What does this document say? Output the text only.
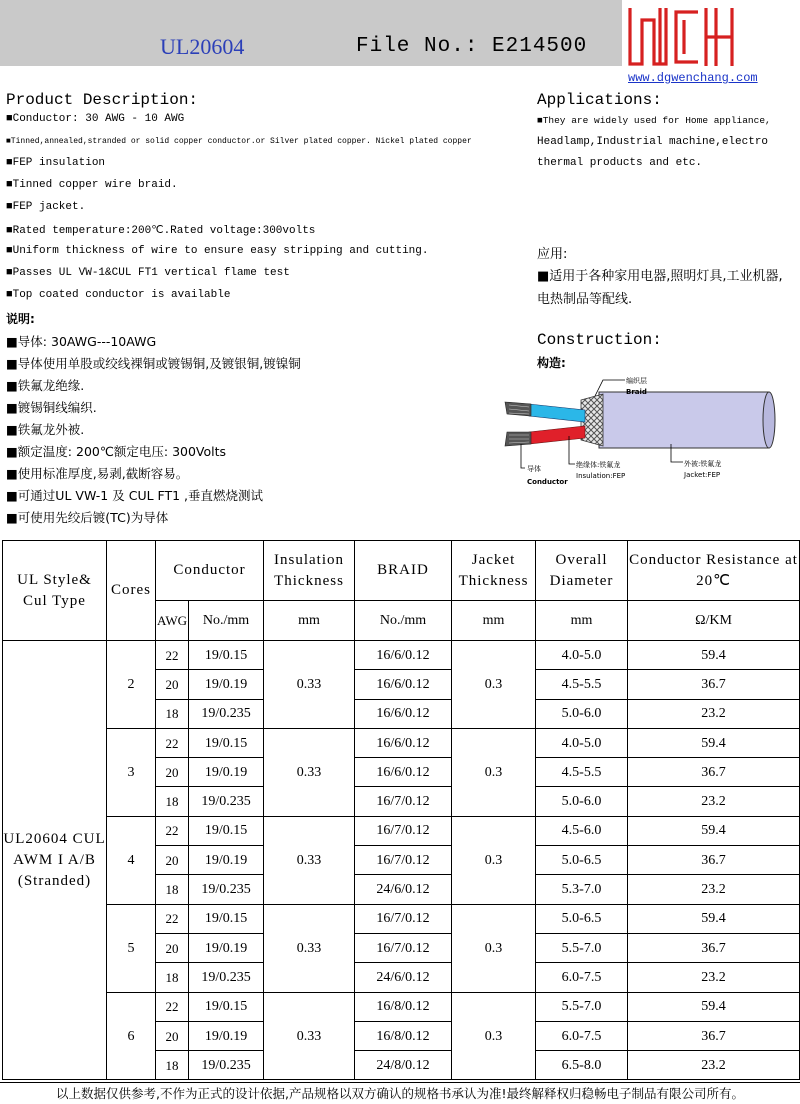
UL20604	File No.: E214500
www.dgwenchang.com
Product Description:
■Conductor: 30 AWG - 10 AWG
■Tinned,annealed,stranded or solid copper conductor.or Silver plated copper. Nickel plated copper
■FEP insulation
■Tinned copper wire braid.
■FEP jacket.
■Rated temperature:200℃.Rated voltage:300volts
■Uniform thickness of wire to ensure easy stripping and cutting.
■Passes UL VW-1&CUL FT1 vertical flame test
■Top coated conductor is available
说明:
■导体: 30AWG---10AWG
■导体使用单股或绞线裸铜或镀锡铜,及镀银铜,镀镍铜
■铁氟龙绝缘.
■镀锡铜线编织.
■铁氟龙外被.
■额定温度: 200℃额定电压: 300Volts
■使用标准厚度,易剥,截断容易。
■可通过UL VW-1 及 CUL FT1 ,垂直燃烧测试
■可使用先绞后镀(TC)为导体
Applications:
■They are widely used for Home appliance,
Headlamp,Industrial machine,electro
thermal products and etc.
应用:
■适用于各种家用电器,照明灯具,工业机器,
电热制品等配线.
Construction:
构造:
编织层
Braid
导体
Conductor
绝缘体:铁氟龙
Insulation:FEP
外被:铁氟龙
Jacket:FEP
UL Style& Cul Type	Cores	Conductor		Insulation Thickness	BRAID	Jacket Thickness	Overall Diameter	Conductor Resistance at 20℃
		AWG	No./mm	mm	No./mm	mm	mm	Ω/KM
UL20604 CUL AWM I A/B (Stranded)	2	22	19/0.15	0.33	16/6/0.12	0.3	4.0-5.0	59.4
		20	19/0.19		16/6/0.12		4.5-5.5	36.7
		18	19/0.235		16/6/0.12		5.0-6.0	23.2
	3	22	19/0.15	0.33	16/6/0.12	0.3	4.0-5.0	59.4
		20	19/0.19		16/6/0.12		4.5-5.5	36.7
		18	19/0.235		16/7/0.12		5.0-6.0	23.2
	4	22	19/0.15	0.33	16/7/0.12	0.3	4.5-6.0	59.4
		20	19/0.19		16/7/0.12		5.0-6.5	36.7
		18	19/0.235		24/6/0.12		5.3-7.0	23.2
	5	22	19/0.15	0.33	16/7/0.12	0.3	5.0-6.5	59.4
		20	19/0.19		16/7/0.12		5.5-7.0	36.7
		18	19/0.235		24/6/0.12		6.0-7.5	23.2
	6	22	19/0.15	0.33	16/8/0.12	0.3	5.5-7.0	59.4
		20	19/0.19		16/8/0.12		6.0-7.5	36.7
		18	19/0.235		24/8/0.12		6.5-8.0	23.2
以上数据仅供参考,不作为正式的设计依据,产品规格以双方确认的规格书承认为准!最终解释权归稳畅电子制品有限公司所有。
